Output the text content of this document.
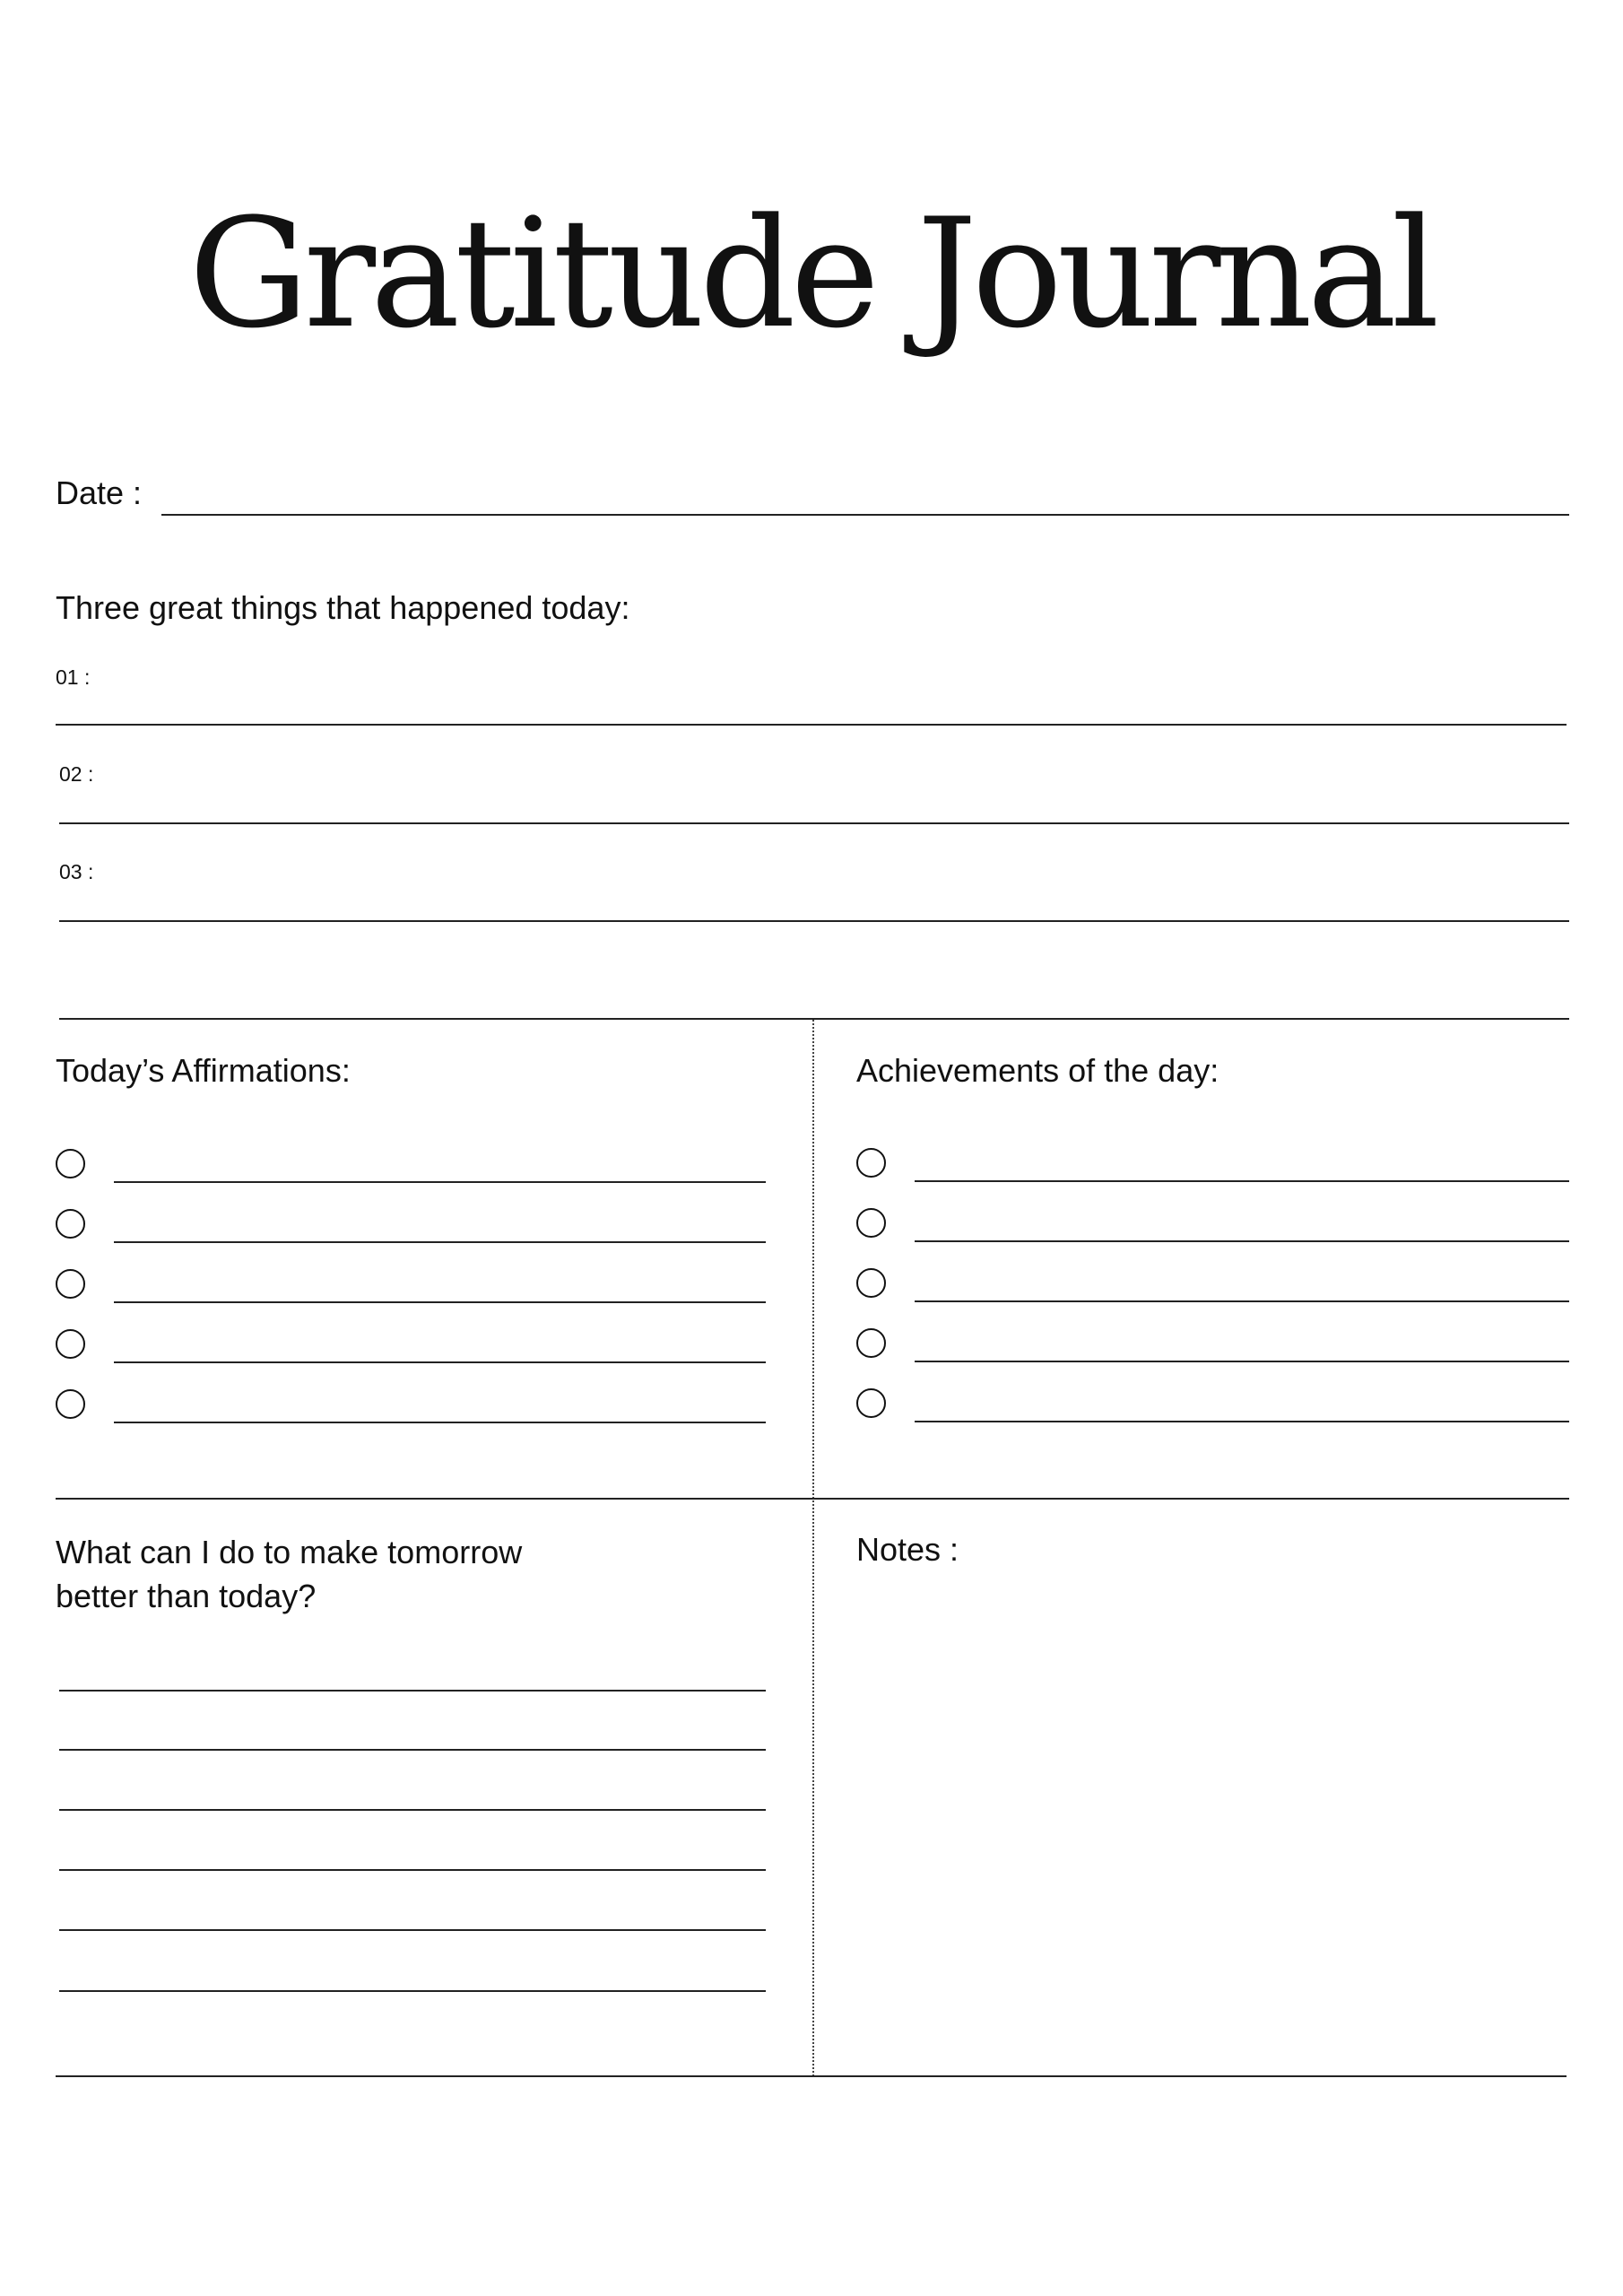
Gratitude Journal
Date :
Three great things that happened today:
01 :
02 :
03 :
Today’s Affirmations:	Achievements of the day:
What can I do to make tomorrow
better than today?
Notes :
